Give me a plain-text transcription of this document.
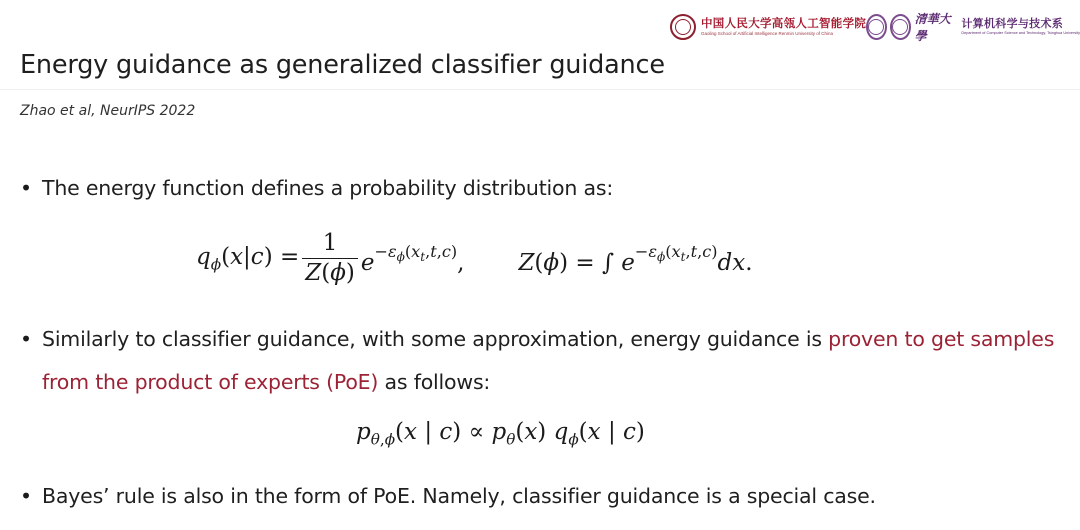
中国人民大学高瓴人工智能学院
Gaoling School of Artificial Intelligence Renmin University of China
清華大學
计算机科学与技术系
Department of Computer Science and Technology, Tsinghua University
Energy guidance as generalized classifier guidance
Zhao et al, NeurIPS 2022
• The energy function defines a probability distribution as:
$q_\phi(x|c) = \frac{1}{Z(\phi)} e^{-\varepsilon_\phi(x_t,t,c)}$, Z(ϕ) = ∫ $e^{-\varepsilon_\phi(x_t,t,c)}dx$.
• Similarly to classifier guidance, with some approximation, energy guidance is proven to get samples
from the product of experts (PoE) as follows:
$p_{\theta,\phi}(x$ | $c) \propto p_\theta(x)$ $q_\phi(x$ | c)
• Bayes’ rule is also in the form of PoE. Namely, classifier guidance is a special case.
